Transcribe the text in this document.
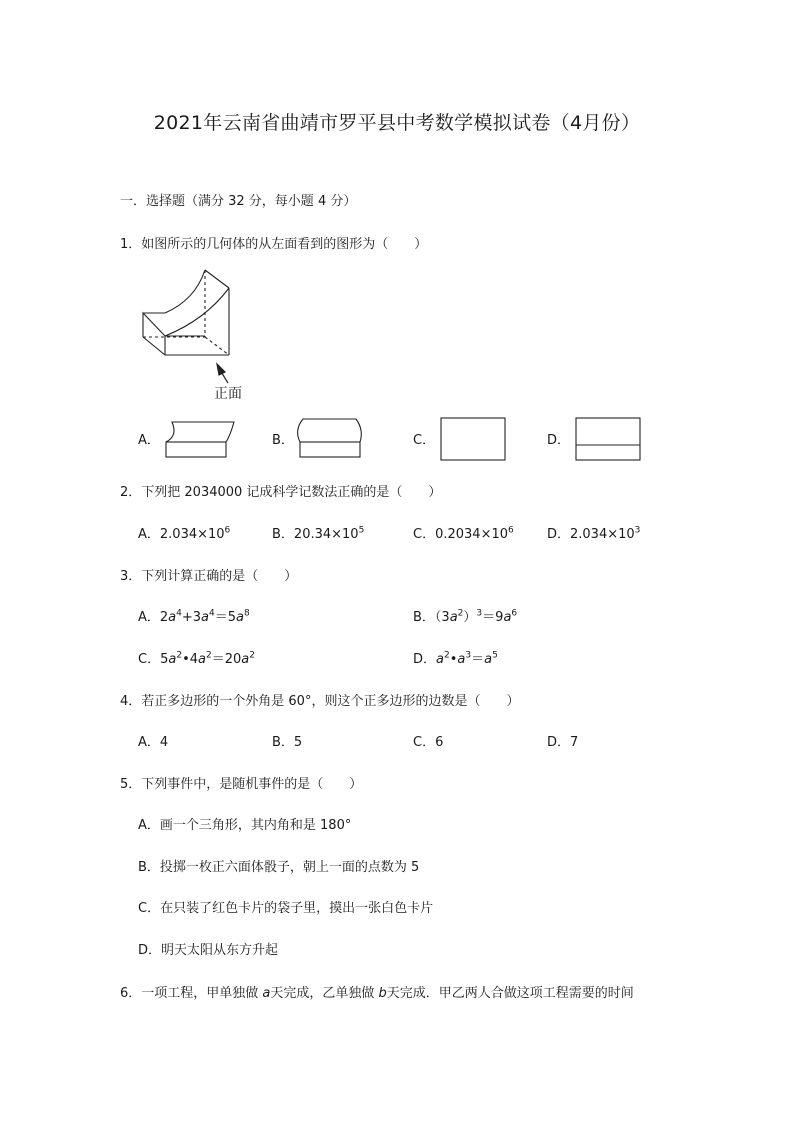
2021年云南省曲靖市罗平县中考数学模拟试卷（4月份）
一．选择题（满分 32 分，每小题 4 分）
1．如图所示的几何体的从左面看到的图形为（　　）
正面
A．	B．	C．	D．
2．下列把 2034000 记成科学记数法正确的是（　　）
A．$2.034\times 10^6$	B．$20.34\times 10^5$	C．$0.2034\times 10^6$	D．$2.034\times 10^3$
3．下列计算正确的是（　　）
A．$2a^4+3a^4=5a^8$	B．$(3a^2)^3=9a^6$
C．$5a^2•4a^2=20a^2$	D．$a^2•a^3=a^5$
4．若正多边形的一个外角是 60°，则这个正多边形的边数是（　　）
A．4	B．5	C．6	D．7
5．下列事件中，是随机事件的是（　　）
A．画一个三角形，其内角和是 180°
B．投掷一枚正六面体骰子，朝上一面的点数为 5
C．在只装了红色卡片的袋子里，摸出一张白色卡片
D．明天太阳从东方升起
6．一项工程，甲单独做 a天完成，乙单独做 b天完成．甲乙两人合做这项工程需要的时间
